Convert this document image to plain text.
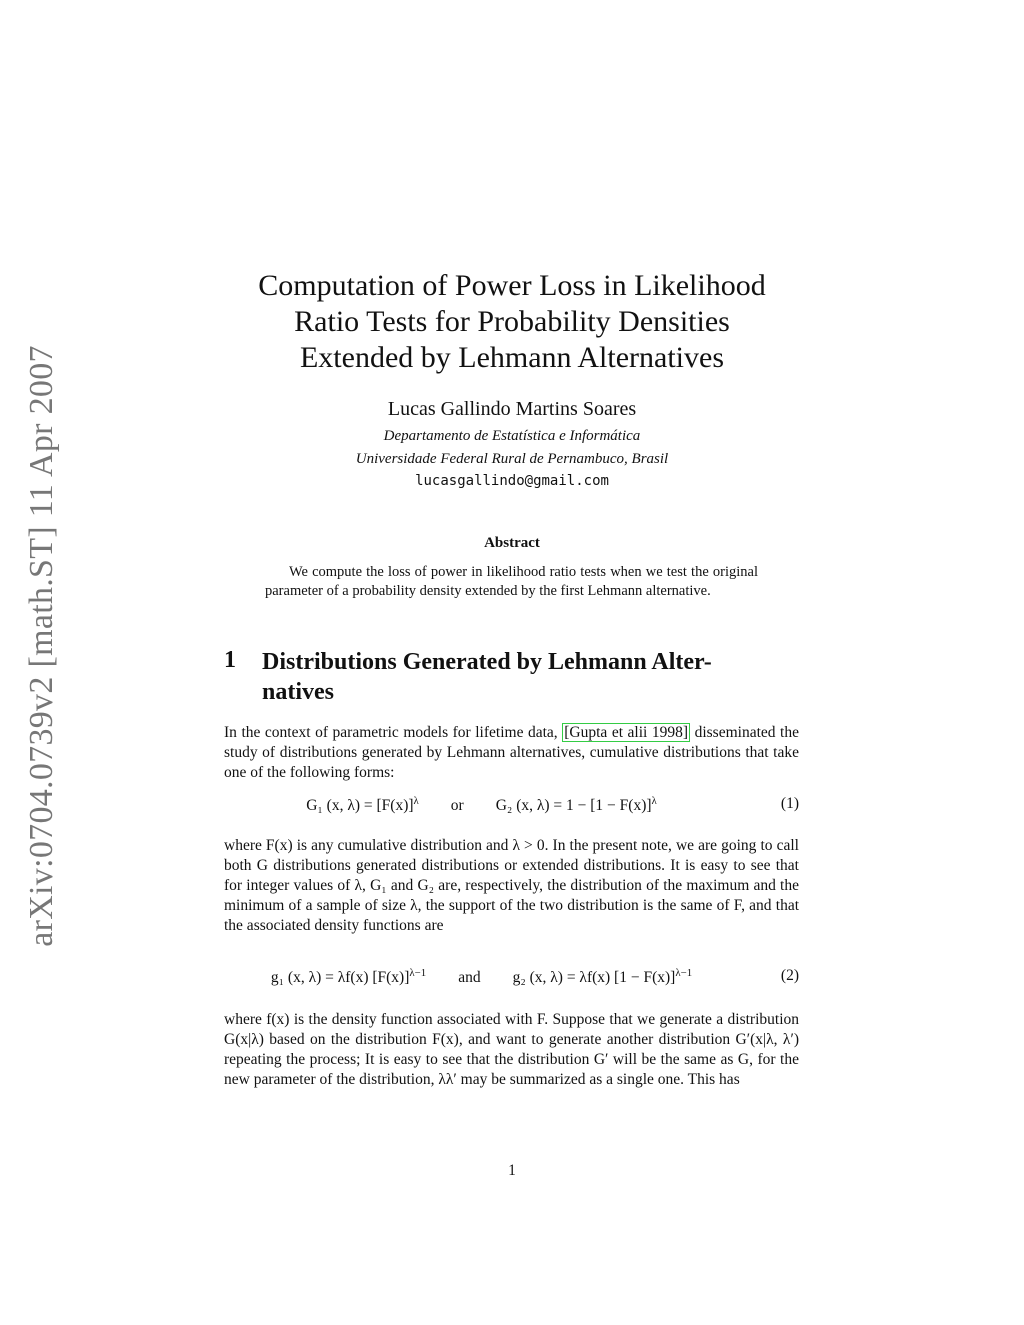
arXiv:0704.0739v2 [math.ST] 11 Apr 2007
Computation of Power Loss in Likelihood
Ratio Tests for Probability Densities
Extended by Lehmann Alternatives
Lucas Gallindo Martins Soares
Departamento de Estatística e Informática
Universidade Federal Rural de Pernambuco, Brasil
lucasgallindo@gmail.com
Abstract

We compute the loss of power in likelihood ratio tests when we test the original parameter of a probability density extended by the first Lehmann alternative.

1 Distributions Generated by Lehmann Alter-
natives

In the context of parametric models for lifetime data, [Gupta et alii 1998] disseminated the study of distributions generated by Lehmann alternatives, cumulative distributions that take one of the following forms:

G₁ (x, $\lambda) = [F(x)]^\lambda$ or G₂ (x, $\lambda) = 1 - [1 - F(x)]^\lambda$	(1)

where F(x) is any cumulative distribution and λ > 0. In the present note, we are going to call both G distributions generated distributions or extended distributions. It is easy to see that for integer values of λ, G₁ and G₂ are, respectively, the distribution of the maximum and the minimum of a sample of size λ, the support of the two distribution is the same of F, and that the associated density functions are

g₁ (x, λ) = λf(x) $[F(x)]^{\lambda-1}$ and g₂ (x, λ) = λf(x) $[1 - F(x)]^{\lambda-1}$	(2)

where f(x) is the density function associated with F. Suppose that we generate a distribution G(x|λ) based on the distribution F(x), and want to generate another distribution G′(x|λ, λ′) repeating the process; It is easy to see that the distribution G′ will be the same as G, for the new parameter of the distribution, λλ′ may be summarized as a single one. This has

1
